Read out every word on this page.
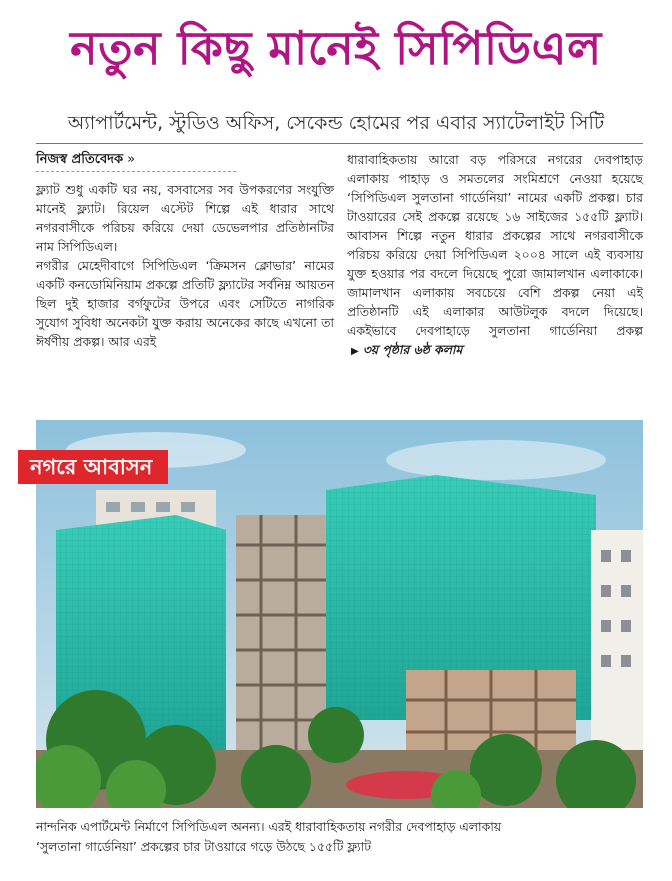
নতুন কিছু মানেই সিপিডিএল
অ্যাপার্টমেন্ট, স্টুডিও অফিস, সেকেন্ড হোমের পর এবার স্যাটেলাইট সিটি

নিজস্ব প্রতিবেদক »

ফ্ল্যাট শুধু একটি ঘর নয়, বসবাসের সব উপকরণের সংযুক্তি মানেই ফ্ল্যাট। রিয়েল এস্টেট শিল্পে এই ধারার সাথে নগরবাসীকে পরিচয় করিয়ে দেয়া ডেভেলপার প্রতিষ্ঠানটির নাম সিপিডিএল।

নগরীর মেহেদীবাগে সিপিডিএল ‘ক্রিমসন ক্লোভার’ নামের একটি কনডোমিনিয়াম প্রকল্পে প্রতিটি ফ্ল্যাটের সর্বনিম্ন আয়তন ছিল দুই হাজার বর্গফুটের উপরে এবং সেটিতে নাগরিক সুযোগ সুবিধা অনেকটা যুক্ত করায় অনেকের কাছে এখনো তা ঈর্ষণীয় প্রকল্প। আর এরই

ধারাবাহিকতায় আরো বড় পরিসরে নগরের দেবপাহাড় এলাকায় পাহাড় ও সমতলের সংমিশ্রণে নেওয়া হয়েছে ‘সিপিডিএল সুলতানা গার্ডেনিয়া’ নামের একটি প্রকল্প। চার টাওয়ারের সেই প্রকল্পে রয়েছে ১৬ সাইজের ১৫৫টি ফ্ল্যাট। আবাসন শিল্পে নতুন ধারার প্রকল্পের সাথে নগরবাসীকে পরিচয় করিয়ে দেয়া সিপিডিএল ২০০৪ সালে এই ব্যবসায় যুক্ত হওয়ার পর বদলে দিয়েছে পুরো জামালখান এলাকাকে। জামালখান এলাকায় সবচেয়ে বেশি প্রকল্প নেয়া এই প্রতিষ্ঠানটি এই এলাকার আউটলুক বদলে দিয়েছে। একইভাবে দেবপাহাড়ে সুলতানা গার্ডেনিয়া প্রকল্প ▶ ৩য় পৃষ্ঠার ৬ষ্ঠ কলাম

নগরে আবাসন

নান্দনিক এপার্টমেন্ট নির্মাণে সিপিডিএল অনন্য। এরই ধারাবাহিকতায় নগরীর দেবপাহাড় এলাকায়

‘সুলতানা গার্ডেনিয়া’ প্রকল্পের চার টাওয়ারে গড়ে উঠছে ১৫৫টি ফ্ল্যাট
